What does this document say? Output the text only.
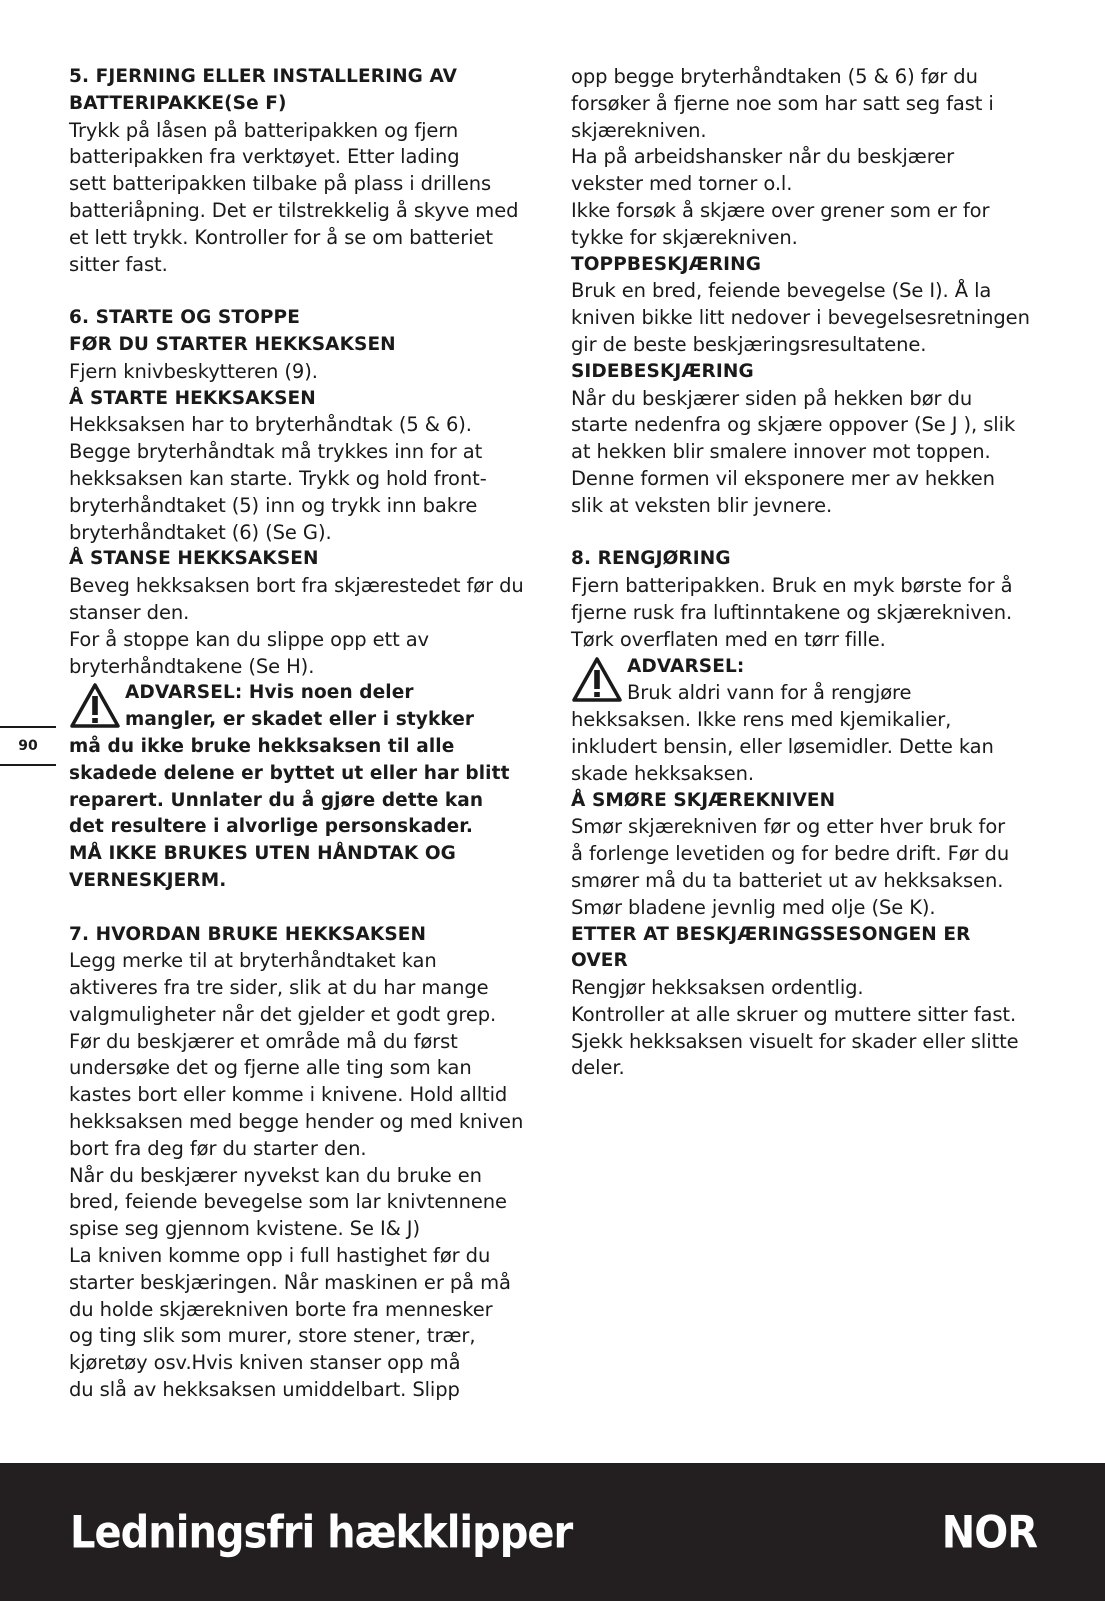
5. FJERNING ELLER INSTALLERING AV
BATTERIPAKKE(Se F)
Trykk på låsen på batteripakken og fjern
batteripakken fra verktøyet. Etter lading
sett batteripakken tilbake på plass i drillens
batteriåpning. Det er tilstrekkelig å skyve med
et lett trykk. Kontroller for å se om batteriet
sitter fast.
6. STARTE OG STOPPE
FØR DU STARTER HEKKSAKSEN
Fjern knivbeskytteren (9).
Å STARTE HEKKSAKSEN
Hekksaksen har to bryterhåndtak (5 & 6).
Begge bryterhåndtak må trykkes inn for at
hekksaksen kan starte. Trykk og hold front-
bryterhåndtaket (5) inn og trykk inn bakre
bryterhåndtaket (6) (Se G).
Å STANSE HEKKSAKSEN
Beveg hekksaksen bort fra skjærestedet før du
stanser den.
For å stoppe kan du slippe opp ett av
bryterhåndtakene (Se H).
ADVARSEL: Hvis noen deler
mangler, er skadet eller i stykker
må du ikke bruke hekksaksen til alle
skadede delene er byttet ut eller har blitt
reparert. Unnlater du å gjøre dette kan
det resultere i alvorlige personskader.
MÅ IKKE BRUKES UTEN HÅNDTAK OG
VERNESKJERM.
7. HVORDAN BRUKE HEKKSAKSEN
Legg merke til at bryterhåndtaket kan
aktiveres fra tre sider, slik at du har mange
valgmuligheter når det gjelder et godt grep.
Før du beskjærer et område må du først
undersøke det og fjerne alle ting som kan
kastes bort eller komme i knivene. Hold alltid
hekksaksen med begge hender og med kniven
bort fra deg før du starter den.
Når du beskjærer nyvekst kan du bruke en
bred, feiende bevegelse som lar knivtennene
spise seg gjennom kvistene. Se I& J)
La kniven komme opp i full hastighet før du
starter beskjæringen. Når maskinen er på må
du holde skjærekniven borte fra mennesker
og ting slik som murer, store stener, trær,
kjøretøy osv.Hvis kniven stanser opp må
du slå av hekksaksen umiddelbart. Slipp
opp begge bryterhåndtaken (5 & 6) før du
forsøker å fjerne noe som har satt seg fast i
skjærekniven.
Ha på arbeidshansker når du beskjærer
vekster med torner o.l.
Ikke forsøk å skjære over grener som er for
tykke for skjærekniven.
TOPPBESKJÆRING
Bruk en bred, feiende bevegelse (Se I). Å la
kniven bikke litt nedover i bevegelsesretningen
gir de beste beskjæringsresultatene.
SIDEBESKJÆRING
Når du beskjærer siden på hekken bør du
starte nedenfra og skjære oppover (Se J ), slik
at hekken blir smalere innover mot toppen.
Denne formen vil eksponere mer av hekken
slik at veksten blir jevnere.
8. RENGJØRING
Fjern batteripakken. Bruk en myk børste for å
fjerne rusk fra luftinntakene og skjærekniven.
Tørk overflaten med en tørr fille.
ADVARSEL:
Bruk aldri vann for å rengjøre
hekksaksen. Ikke rens med kjemikalier,
inkludert bensin, eller løsemidler. Dette kan
skade hekksaksen.
Å SMØRE SKJÆREKNIVEN
Smør skjærekniven før og etter hver bruk for
å forlenge levetiden og for bedre drift. Før du
smører må du ta batteriet ut av hekksaksen.
Smør bladene jevnlig med olje (Se K).
ETTER AT BESKJÆRINGSSESONGEN ER
OVER
Rengjør hekksaksen ordentlig.
Kontroller at alle skruer og muttere sitter fast.
Sjekk hekksaksen visuelt for skader eller slitte
deler.
90
Ledningsfri hækklipper	NOR
